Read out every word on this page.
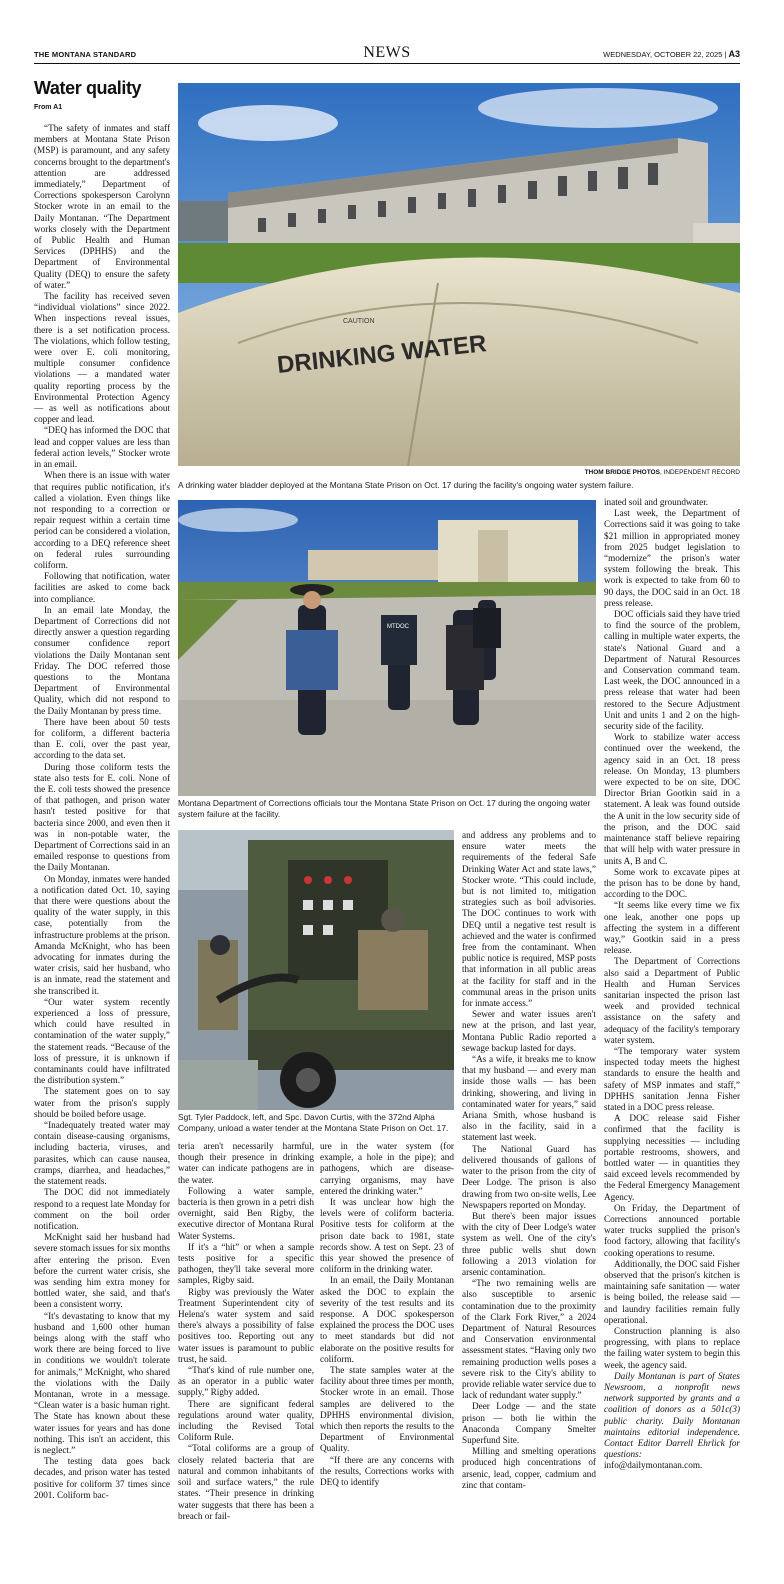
THE MONTANA STANDARD	NEWS	WEDNESDAY, OCTOBER 22, 2025 | A3
Water quality
From A1
CAUTION
DRINKING WATER
THOM BRIDGE PHOTOS, INDEPENDENT RECORD
A drinking water bladder deployed at the Montana State Prison on Oct. 17 during the facility's ongoing water system failure.
MTDOC
Montana Department of Corrections officials tour the Montana State Prison on Oct. 17 during the ongoing water system failure at the facility.
Sgt. Tyler Paddock, left, and Spc. Davon Curtis, with the 372nd Alpha Company, unload a water tender at the Montana State Prison on Oct. 17.

“The safety of inmates and staff members at Montana State Prison (MSP) is paramount, and any safety concerns brought to the department's attention are addressed immediately,” Department of Corrections spokesperson Carolynn Stocker wrote in an email to the Daily Montanan. “The Department works closely with the Department of Public Health and Human Services (DPHHS) and the Department of Environmental Quality (DEQ) to ensure the safety of water.”

The facility has received seven “individual violations” since 2022. When inspections reveal issues, there is a set notification process. The violations, which follow testing, were over E. coli monitoring, multiple consumer confidence violations — a mandated water quality reporting process by the Environmental Protection Agency — as well as notifications about copper and lead.

“DEQ has informed the DOC that lead and copper values are less than federal action levels,” Stocker wrote in an email.

When there is an issue with water that requires public notification, it's called a violation. Even things like not responding to a correction or repair request within a certain time period can be considered a violation, according to a DEQ reference sheet on federal rules surrounding coliform.

Following that notification, water facilities are asked to come back into compliance.

In an email late Monday, the Department of Corrections did not directly answer a question regarding consumer confidence report violations the Daily Montanan sent Friday. The DOC referred those questions to the Montana Department of Environmental Quality, which did not respond to the Daily Montanan by press time.

There have been about 50 tests for coliform, a different bacteria than E. coli, over the past year, according to the data set.

During those coliform tests the state also tests for E. coli. None of the E. coli tests showed the presence of that pathogen, and prison water hasn't tested positive for that bacteria since 2000, and even then it was in non-potable water, the Department of Corrections said in an emailed response to questions from the Daily Montanan.

On Monday, inmates were handed a notification dated Oct. 10, saying that there were questions about the quality of the water supply, in this case, potentially from the infrastructure problems at the prison. Amanda McKnight, who has been advocating for inmates during the water crisis, said her husband, who is an inmate, read the statement and she transcribed it.

“Our water system recently experienced a loss of pressure, which could have resulted in contamination of the water supply,” the statement reads. “Because of the loss of pressure, it is unknown if contaminants could have infiltrated the distribution system.”

The statement goes on to say water from the prison's supply should be boiled before usage.

“Inadequately treated water may contain disease-causing organisms, including bacteria, viruses, and parasites, which can cause nausea, cramps, diarrhea, and headaches,” the statement reads.

The DOC did not immediately respond to a request late Monday for comment on the boil order notification.

McKnight said her husband had severe stomach issues for six months after entering the prison. Even before the current water crisis, she was sending him extra money for bottled water, she said, and that's been a consistent worry.

“It's devastating to know that my husband and 1,600 other human beings along with the staff who work there are being forced to live in conditions we wouldn't tolerate for animals,” McKnight, who shared the violations with the Daily Montanan, wrote in a message. “Clean water is a basic human right. The State has known about these water issues for years and has done nothing. This isn't an accident, this is neglect.”

The testing data goes back decades, and prison water has tested positive for coliform 37 times since 2001. Coliform bac-

teria aren't necessarily harmful, though their presence in drinking water can indicate pathogens are in the water.

Following a water sample, bacteria is then grown in a petri dish overnight, said Ben Rigby, the executive director of Montana Rural Water Systems.

If it's a “hit” or when a sample tests positive for a specific pathogen, they'll take several more samples, Rigby said.

Rigby was previously the Water Treatment Superintendent city of Helena's water system and said there's always a possibility of false positives too. Reporting out any water issues is paramount to public trust, he said.

“That's kind of rule number one, as an operator in a public water supply,” Rigby added.

There are significant federal regulations around water quality, including the Revised Total Coliform Rule.

“Total coliforms are a group of closely related bacteria that are natural and common inhabitants of soil and surface waters,” the rule states. “Their presence in drinking water suggests that there has been a breach or fail-

ure in the water system (for example, a hole in the pipe); and pathogens, which are disease-carrying organisms, may have entered the drinking water.”

It was unclear how high the levels were of coliform bacteria. Positive tests for coliform at the prison date back to 1981, state records show. A test on Sept. 23 of this year showed the presence of coliform in the drinking water.

In an email, the Daily Montanan asked the DOC to explain the severity of the test results and its response. A DOC spokesperson explained the process the DOC uses to meet standards but did not elaborate on the positive results for coliform.

The state samples water at the facility about three times per month, Stocker wrote in an email. Those samples are delivered to the DPHHS environmental division, which then reports the results to the Department of Environmental Quality.

“If there are any concerns with the results, Corrections works with DEQ to identify

and address any problems and to ensure water meets the requirements of the federal Safe Drinking Water Act and state laws,” Stocker wrote. “This could include, but is not limited to, mitigation strategies such as boil advisories. The DOC continues to work with DEQ until a negative test result is achieved and the water is confirmed free from the contaminant. When public notice is required, MSP posts that information in all public areas at the facility for staff and in the communal areas in the prison units for inmate access.”

Sewer and water issues aren't new at the prison, and last year, Montana Public Radio reported a sewage backup lasted for days.

“As a wife, it breaks me to know that my husband — and every man inside those walls — has been drinking, showering, and living in contaminated water for years,” said Ariana Smith, whose husband is also in the facility, said in a statement last week.

The National Guard has delivered thousands of gallons of water to the prison from the city of Deer Lodge. The prison is also drawing from two on-site wells, Lee Newspapers reported on Monday.

But there's been major issues with the city of Deer Lodge's water system as well. One of the city's three public wells shut down following a 2013 violation for arsenic contamination.

“The two remaining wells are also susceptible to arsenic contamination due to the proximity of the Clark Fork River,” a 2024 Department of Natural Resources and Conservation environmental assessment states. “Having only two remaining production wells poses a severe risk to the City's ability to provide reliable water service due to lack of redundant water supply.”

Deer Lodge — and the state prison — both lie within the Anaconda Company Smelter Superfund Site.

Milling and smelting operations produced high concentrations of arsenic, lead, copper, cadmium and zinc that contam-

inated soil and groundwater.

Last week, the Department of Corrections said it was going to take $21 million in appropriated money from 2025 budget legislation to “modernize” the prison's water system following the break. This work is expected to take from 60 to 90 days, the DOC said in an Oct. 18 press release.

DOC officials said they have tried to find the source of the problem, calling in multiple water experts, the state's National Guard and a Department of Natural Resources and Conservation command team. Last week, the DOC announced in a press release that water had been restored to the Secure Adjustment Unit and units 1 and 2 on the high-security side of the facility.

Work to stabilize water access continued over the weekend, the agency said in an Oct. 18 press release. On Monday, 13 plumbers were expected to be on site, DOC Director Brian Gootkin said in a statement. A leak was found outside the A unit in the low security side of the prison, and the DOC said maintenance staff believe repairing that will help with water pressure in units A, B and C.

Some work to excavate pipes at the prison has to be done by hand, according to the DOC.

“It seems like every time we fix one leak, another one pops up affecting the system in a different way,” Gootkin said in a press release.

The Department of Corrections also said a Department of Public Health and Human Services sanitarian inspected the prison last week and provided technical assistance on the safety and adequacy of the facility's temporary water system.

“The temporary water system inspected today meets the highest standards to ensure the health and safety of MSP inmates and staff,” DPHHS sanitation Jenna Fisher stated in a DOC press release.

A DOC release said Fisher confirmed that the facility is supplying necessities — including portable restrooms, showers, and bottled water — in quantities they said exceed levels recommended by the Federal Emergency Management Agency.

On Friday, the Department of Corrections announced portable water trucks supplied the prison's food factory, allowing that facility's cooking operations to resume.

Additionally, the DOC said Fisher observed that the prison's kitchen is maintaining safe sanitation — water is being boiled, the release said — and laundry facilities remain fully operational.

Construction planning is also progressing, with plans to replace the failing water system to begin this week, the agency said.

Daily Montanan is part of States Newsroom, a nonprofit news network supported by grants and a coalition of donors as a 501c(3) public charity. Daily Montanan maintains editorial independence. Contact Editor Darrell Ehrlick for questions: info@dailymontanan.com.
